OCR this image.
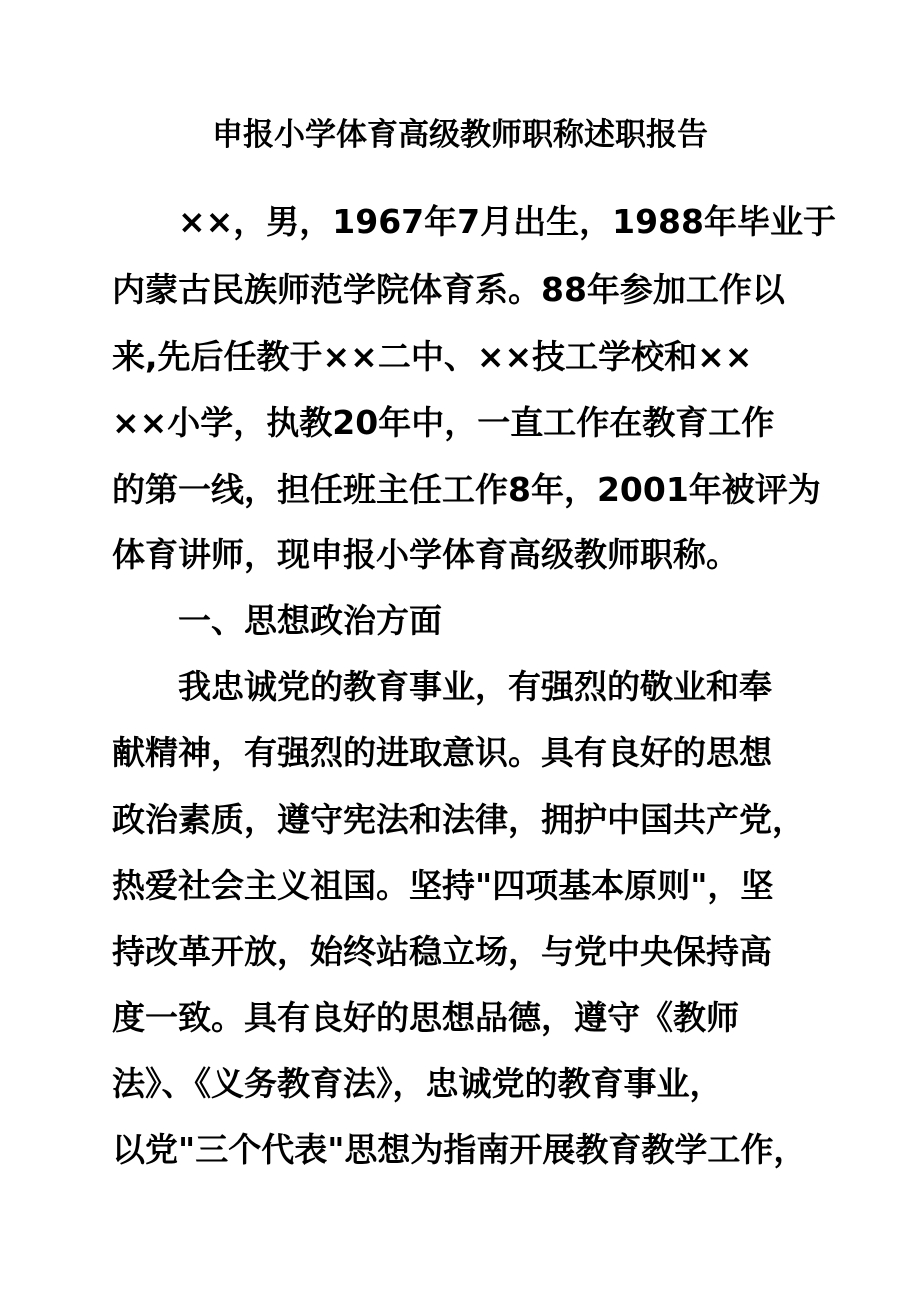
申报小学体育高级教师职称述职报告
××，男，1967年7月出生，1988年毕业于
内蒙古民族师范学院体育系。88年参加工作以
来,先后任教于××二中、××技工学校和××
××小学，执教20年中，一直工作在教育工作
的第一线，担任班主任工作8年，2001年被评为
体育讲师，现申报小学体育高级教师职称。
一、思想政治方面
我忠诚党的教育事业，有强烈的敬业和奉
献精神，有强烈的进取意识。具有良好的思想
政治素质，遵守宪法和法律，拥护中国共产党，
热爱社会主义祖国。坚持"四项基本原则"，坚
持改革开放，始终站稳立场，与党中央保持高
度一致。具有良好的思想品德，遵守《教师
法》、《义务教育法》，忠诚党的教育事业，
以党"三个代表"思想为指南开展教育教学工作，
